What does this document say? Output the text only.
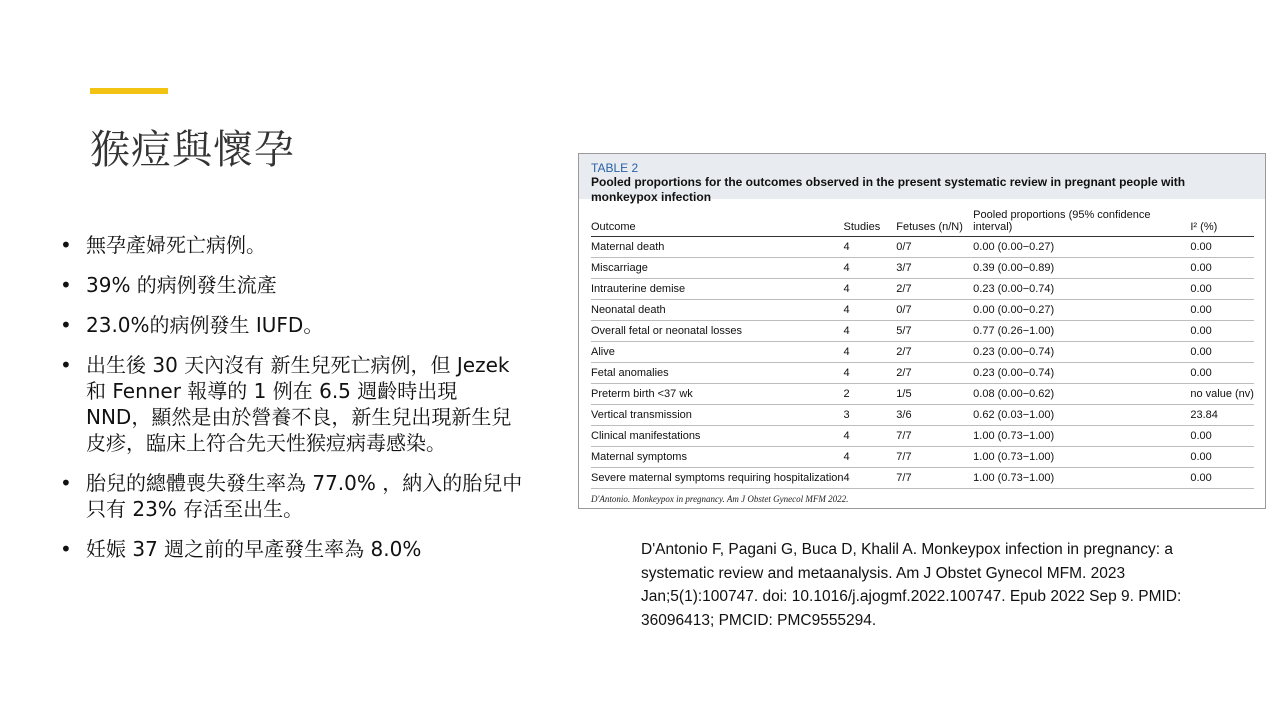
猴痘與懷孕
• 無孕產婦死亡病例。
• 39% 的病例發生流產
• 23.0%的病例發生 IUFD。
• 出生後 30 天內沒有 新生兒死亡病例，但 Jezek 和 Fenner 報導的 1 例在 6.5 週齡時出現 NND，顯然是由於營養不良，新生兒出現新生兒皮疹，臨床上符合先天性猴痘病毒感染。
• 胎兒的總體喪失發生率為 77.0% ，納入的胎兒中只有 23% 存活至出生。
• 妊娠 37 週之前的早產發生率為 8.0%
TABLE 2
Pooled proportions for the outcomes observed in the present systematic review in pregnant people with monkeypox infection
Outcome	Studies	Fetuses (n/N)	Pooled proportions (95% confidence interval)	I² (%)
Maternal death	4	0/7	0.00 (0.00−0.27)	0.00
Miscarriage	4	3/7	0.39 (0.00−0.89)	0.00
Intrauterine demise	4	2/7	0.23 (0.00−0.74)	0.00
Neonatal death	4	0/7	0.00 (0.00−0.27)	0.00
Overall fetal or neonatal losses	4	5/7	0.77 (0.26−1.00)	0.00
Alive	4	2/7	0.23 (0.00−0.74)	0.00
Fetal anomalies	4	2/7	0.23 (0.00−0.74)	0.00
Preterm birth <37 wk	2	1/5	0.08 (0.00−0.62)	no value (nv)
Vertical transmission	3	3/6	0.62 (0.03−1.00)	23.84
Clinical manifestations	4	7/7	1.00 (0.73−1.00)	0.00
Maternal symptoms	4	7/7	1.00 (0.73−1.00)	0.00
Severe maternal symptoms requiring hospitalization	4	7/7	1.00 (0.73−1.00)	0.00
D'Antonio. Monkeypox in pregnancy. Am J Obstet Gynecol MFM 2022.

D'Antonio F, Pagani G, Buca D, Khalil A. Monkeypox infection in pregnancy: a systematic review and metaanalysis. Am J Obstet Gynecol MFM. 2023 Jan;5(1):100747. doi: 10.1016/j.ajogmf.2022.100747. Epub 2022 Sep 9. PMID: 36096413; PMCID: PMC9555294.
